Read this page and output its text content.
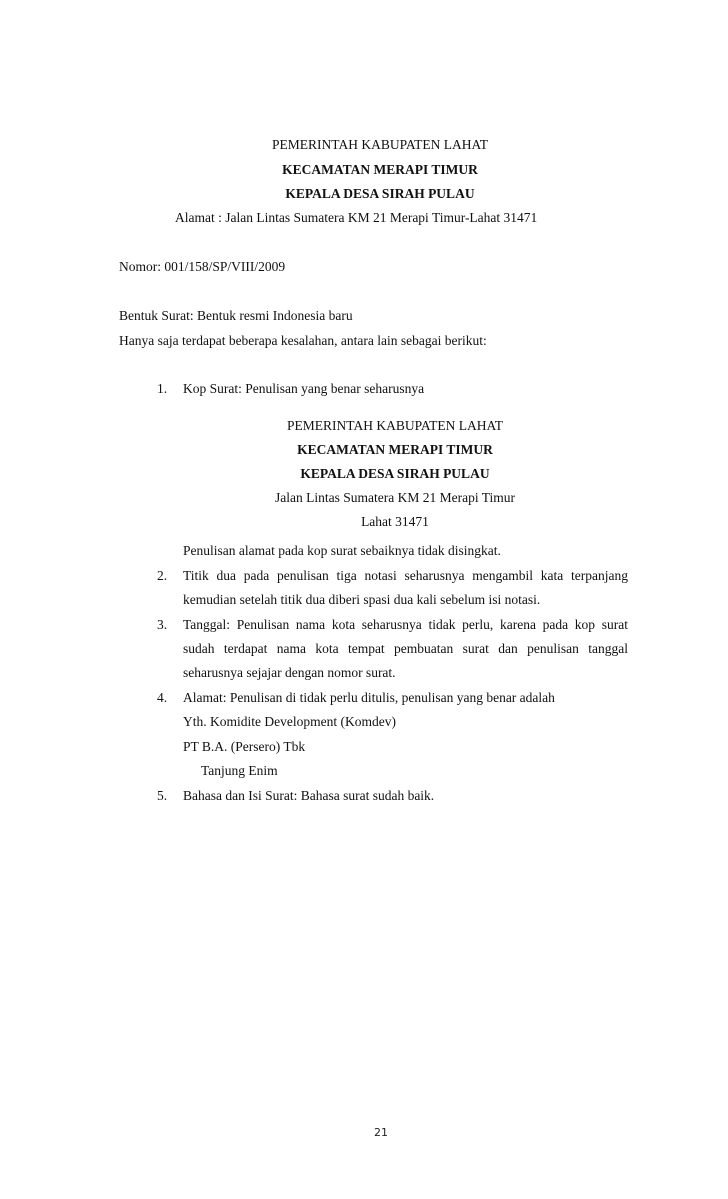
PEMERINTAH KABUPATEN LAHAT
KECAMATAN MERAPI TIMUR
KEPALA DESA SIRAH PULAU
Alamat : Jalan Lintas Sumatera KM 21 Merapi Timur-Lahat 31471
Nomor: 001/158/SP/VIII/2009
Bentuk Surat: Bentuk resmi Indonesia baru
Hanya saja terdapat beberapa kesalahan, antara lain sebagai berikut:
1. Kop Surat: Penulisan yang benar seharusnya
PEMERINTAH KABUPATEN LAHAT
KECAMATAN MERAPI TIMUR
KEPALA DESA SIRAH PULAU
Jalan Lintas Sumatera KM 21 Merapi Timur
Lahat 31471
Penulisan alamat pada kop surat sebaiknya tidak disingkat.
2. Titik dua pada penulisan tiga notasi seharusnya mengambil kata terpanjang
kemudian setelah titik dua diberi spasi dua kali sebelum isi notasi.
3. Tanggal: Penulisan nama kota seharusnya tidak perlu, karena pada kop surat
sudah terdapat nama kota tempat pembuatan surat dan penulisan tanggal
seharusnya sejajar dengan nomor surat.
4. Alamat: Penulisan di tidak perlu ditulis, penulisan yang benar adalah
Yth. Komidite Development (Komdev)
PT B.A. (Persero) Tbk
Tanjung Enim
5. Bahasa dan Isi Surat: Bahasa surat sudah baik.
21
